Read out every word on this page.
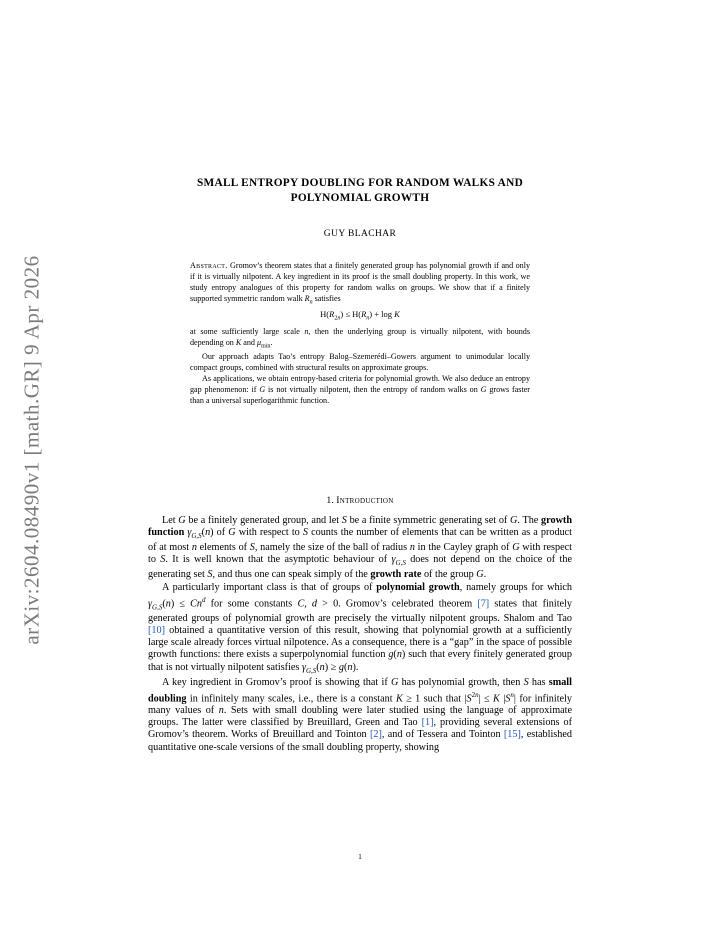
arXiv:2604.08490v1 [math.GR] 9 Apr 2026
SMALL ENTROPY DOUBLING FOR RANDOM WALKS AND
POLYNOMIAL GROWTH
GUY BLACHAR

Abstract. Gromov’s theorem states that a finitely generated group has polynomial growth if and only if it is virtually nilpotent. A key ingredient in its proof is the small doubling property. In this work, we study entropy analogues of this property for random walks on groups. We show that if a finitely supported symmetric random walk $R_n$ satisfies

$H(R_{2n}) \le H(R_n) + \log K$

at some sufficiently large scale n, then the underlying group is virtually nilpotent, with bounds depending on K and $\mu_{min}$.

Our approach adapts Tao’s entropy Balog–Szemerédi–Gowers argument to unimodular locally compact groups, combined with structural results on approximate groups.

As applications, we obtain entropy-based criteria for polynomial growth. We also deduce an entropy gap phenomenon: if G is not virtually nilpotent, then the entropy of random walks on G grows faster than a universal superlogarithmic function.

1. Introduction

Let G be a finitely generated group, and let S be a finite symmetric generating set of G. The growth function $\gamma_{G,S}(n)$ of G with respect to S counts the number of elements that can be written as a product of at most n elements of S, namely the size of the ball of radius n in the Cayley graph of G with respect to S. It is well known that the asymptotic behaviour of $\gamma_{G,S}$ does not depend on the choice of the generating set S, and thus one can speak simply of the growth rate of the group G.

A particularly important class is that of groups of polynomial growth, namely groups for which $\gamma_{G,S}(n) \le Cn^d$ for some constants C, d > 0. Gromov’s celebrated theorem [7] states that finitely generated groups of polynomial growth are precisely the virtually nilpotent groups. Shalom and Tao [10] obtained a quantitative version of this result, showing that polynomial growth at a sufficiently large scale already forces virtual nilpotence. As a consequence, there is a “gap” in the space of possible growth functions: there exists a superpolynomial function g(n) such that every finitely generated group that is not virtually nilpotent satisfies $\gamma_{G,S}(n) \ge g(n)$.

A key ingredient in Gromov’s proof is showing that if G has polynomial growth, then S has small doubling in infinitely many scales, i.e., there is a constant K ≥ 1 such that $|S^{2n}| \le K$ $|S^n|$ for infinitely many values of n. Sets with small doubling were later studied using the language of approximate groups. The latter were classified by Breuillard, Green and Tao [1], providing several extensions of Gromov’s theorem. Works of Breuillard and Tointon [2], and of Tessera and Tointon [15], established quantitative one-scale versions of the small doubling property, showing

1
